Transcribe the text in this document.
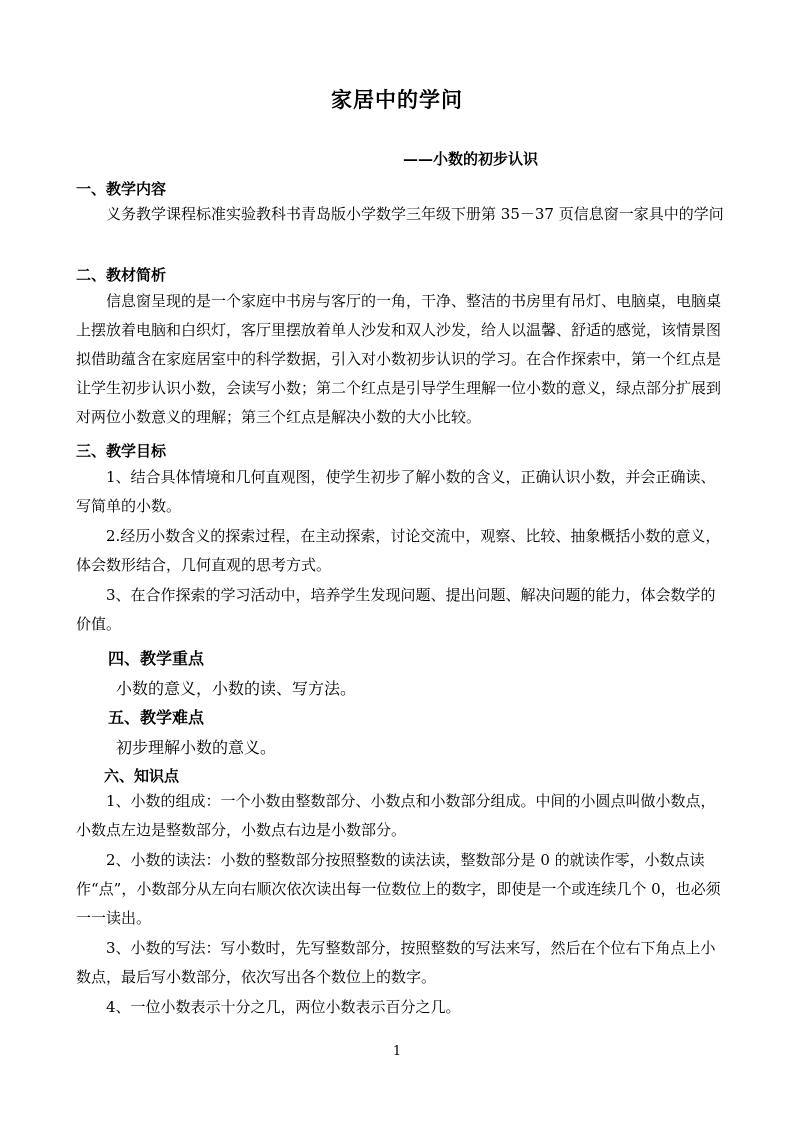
家居中的学问
——小数的初步认识
一、教学内容
义务教学课程标准实验教科书青岛版小学数学三年级下册第 35－37 页信息窗一家具中的学问
二、教材简析
信息窗呈现的是一个家庭中书房与客厅的一角，干净、整洁的书房里有吊灯、电脑桌，电脑桌上摆放着电脑和白织灯，客厅里摆放着单人沙发和双人沙发，给人以温馨、舒适的感觉，该情景图拟借助蕴含在家庭居室中的科学数据，引入对小数初步认识的学习。在合作探索中，第一个红点是让学生初步认识小数，会读写小数；第二个红点是引导学生理解一位小数的意义，绿点部分扩展到对两位小数意义的理解；第三个红点是解决小数的大小比较。
三、教学目标
1、结合具体情境和几何直观图，使学生初步了解小数的含义，正确认识小数，并会正确读、写简单的小数。
2.经历小数含义的探索过程，在主动探索，讨论交流中，观察、比较、抽象概括小数的意义，体会数形结合，几何直观的思考方式。
3、在合作探索的学习活动中，培养学生发现问题、提出问题、解决问题的能力，体会数学的价值。
四、教学重点
小数的意义，小数的读、写方法。
五、教学难点
初步理解小数的意义。
六、知识点
1、小数的组成：一个小数由整数部分、小数点和小数部分组成。中间的小圆点叫做小数点，小数点左边是整数部分，小数点右边是小数部分。
2、小数的读法：小数的整数部分按照整数的读法读，整数部分是 0 的就读作零，小数点读作“点”，小数部分从左向右顺次依次读出每一位数位上的数字，即使是一个或连续几个 0，也必须一一读出。
3、小数的写法：写小数时，先写整数部分，按照整数的写法来写，然后在个位右下角点上小数点，最后写小数部分，依次写出各个数位上的数字。
4、一位小数表示十分之几，两位小数表示百分之几。
1
